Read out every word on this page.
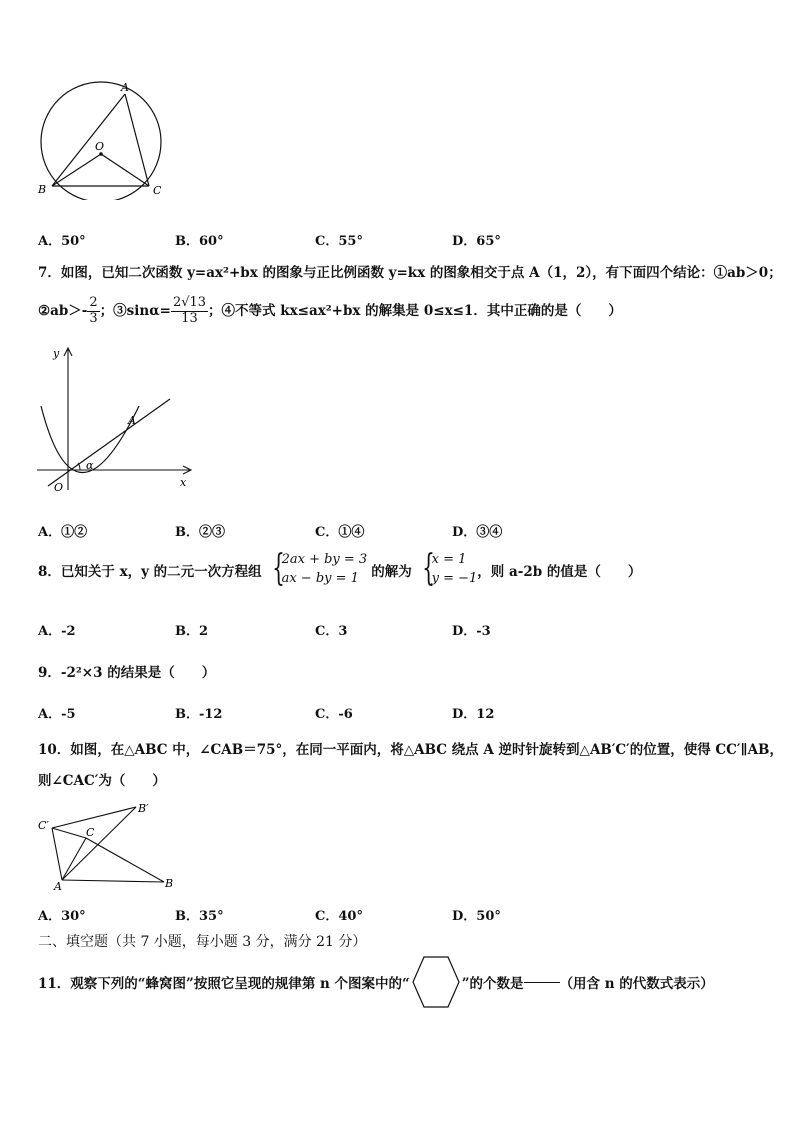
A
O
B	C
A．50°	B．60°	C．55°	D．65°
7．如图，已知二次函数 y=ax²+bx 的图象与正比例函数 y=kx 的图象相交于点 A（1，2），有下面四个结论：①ab＞0；
②ab＞- $\frac{2}{3}$ ；③sinα= $\frac{2√13}{13}$ ；④不等式 kx≤ax²+bx 的解集是 0≤x≤1．其中正确的是（　　）
y
x
O
A
α
A．①②	B．②③	C．①④	D．③④
8．已知关于 x，y 的二元一次方程组 {
2ax + by = 3
ax − by = 1 的解为 {
x = 1
y = −1 ，则 a-2b 的值是（　　）
A．-2	B．2	C．3	D．-3
9．-2²×3 的结果是（　　）
A．-5	B．-12	C．-6	D．12
10．如图，在△ABC 中，∠CAB＝75°，在同一平面内，将△ABC 绕点 A 逆时针旋转到△AB′C′的位置，使得 CC′∥AB，
则∠CAC′为（　　）
C′
C
B′
A	B
A．30°	B．35°	C．40°	D．50°
二、填空题（共 7 小题，每小题 3 分，满分 21 分）
11．观察下列的“蜂窝图”按照它呈现的规律第 n 个图案中的“	”的个数是	（用含 n 的代数式表示）
